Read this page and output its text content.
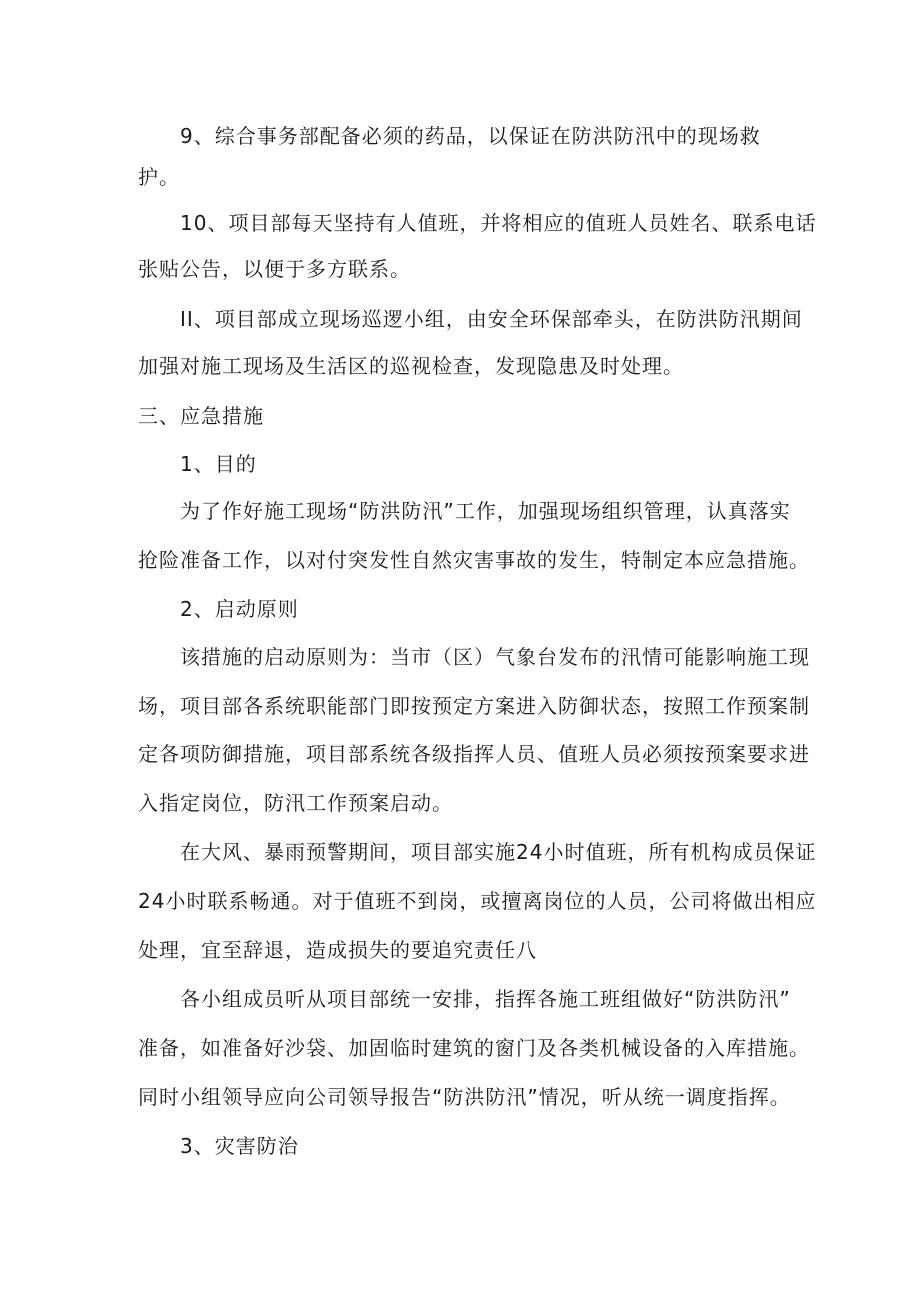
9、综合事务部配备必须的药品，以保证在防洪防汛中的现场救
护。
10、项目部每天坚持有人值班，并将相应的值班人员姓名、联系电话
张贴公告，以便于多方联系。
II、项目部成立现场巡逻小组，由安全环保部牵头，在防洪防汛期间
加强对施工现场及生活区的巡视检查，发现隐患及时处理。
三、应急措施
1、目的
为了作好施工现场“防洪防汛”工作，加强现场组织管理，认真落实
抢险准备工作，以对付突发性自然灾害事故的发生，特制定本应急措施。
2、启动原则
该措施的启动原则为：当市（区）气象台发布的汛情可能影响施工现
场，项目部各系统职能部门即按预定方案进入防御状态，按照工作预案制
定各项防御措施，项目部系统各级指挥人员、值班人员必须按预案要求进
入指定岗位，防汛工作预案启动。
在大风、暴雨预警期间，项目部实施24小时值班，所有机构成员保证
24小时联系畅通。对于值班不到岗，或擅离岗位的人员，公司将做出相应
处理，宜至辞退，造成损失的要追究责任八
各小组成员听从项目部统一安排，指挥各施工班组做好“防洪防汛”
准备，如准备好沙袋、加固临时建筑的窗门及各类机械设备的入库措施。
同时小组领导应向公司领导报告“防洪防汛”情况，听从统一调度指挥。
3、灾害防治
